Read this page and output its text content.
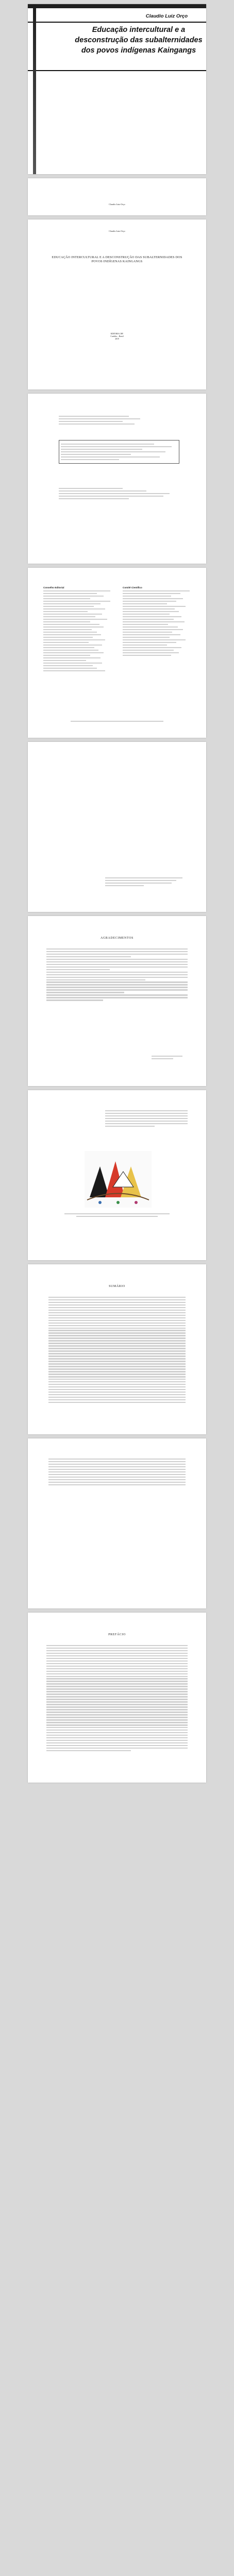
Claudio Luiz Orço
Educação intercultural e a desconstrução das subalternidades dos povos indígenas Kaingangs
Claudio Luiz Orço
Claudio Luiz Orço
EDUCAÇÃO INTERCULTURAL E A DESCONSTRUÇÃO DAS SUBALTERNIDADES DOS POVOS INDÍGENAS KAINGANGS
EDITORA CRV
Curitiba – Brasil
2019
Conselho Editorial	Comitê Científico
AGRADECIMENTOS
SUMÁRIO
PREFÁCIO
